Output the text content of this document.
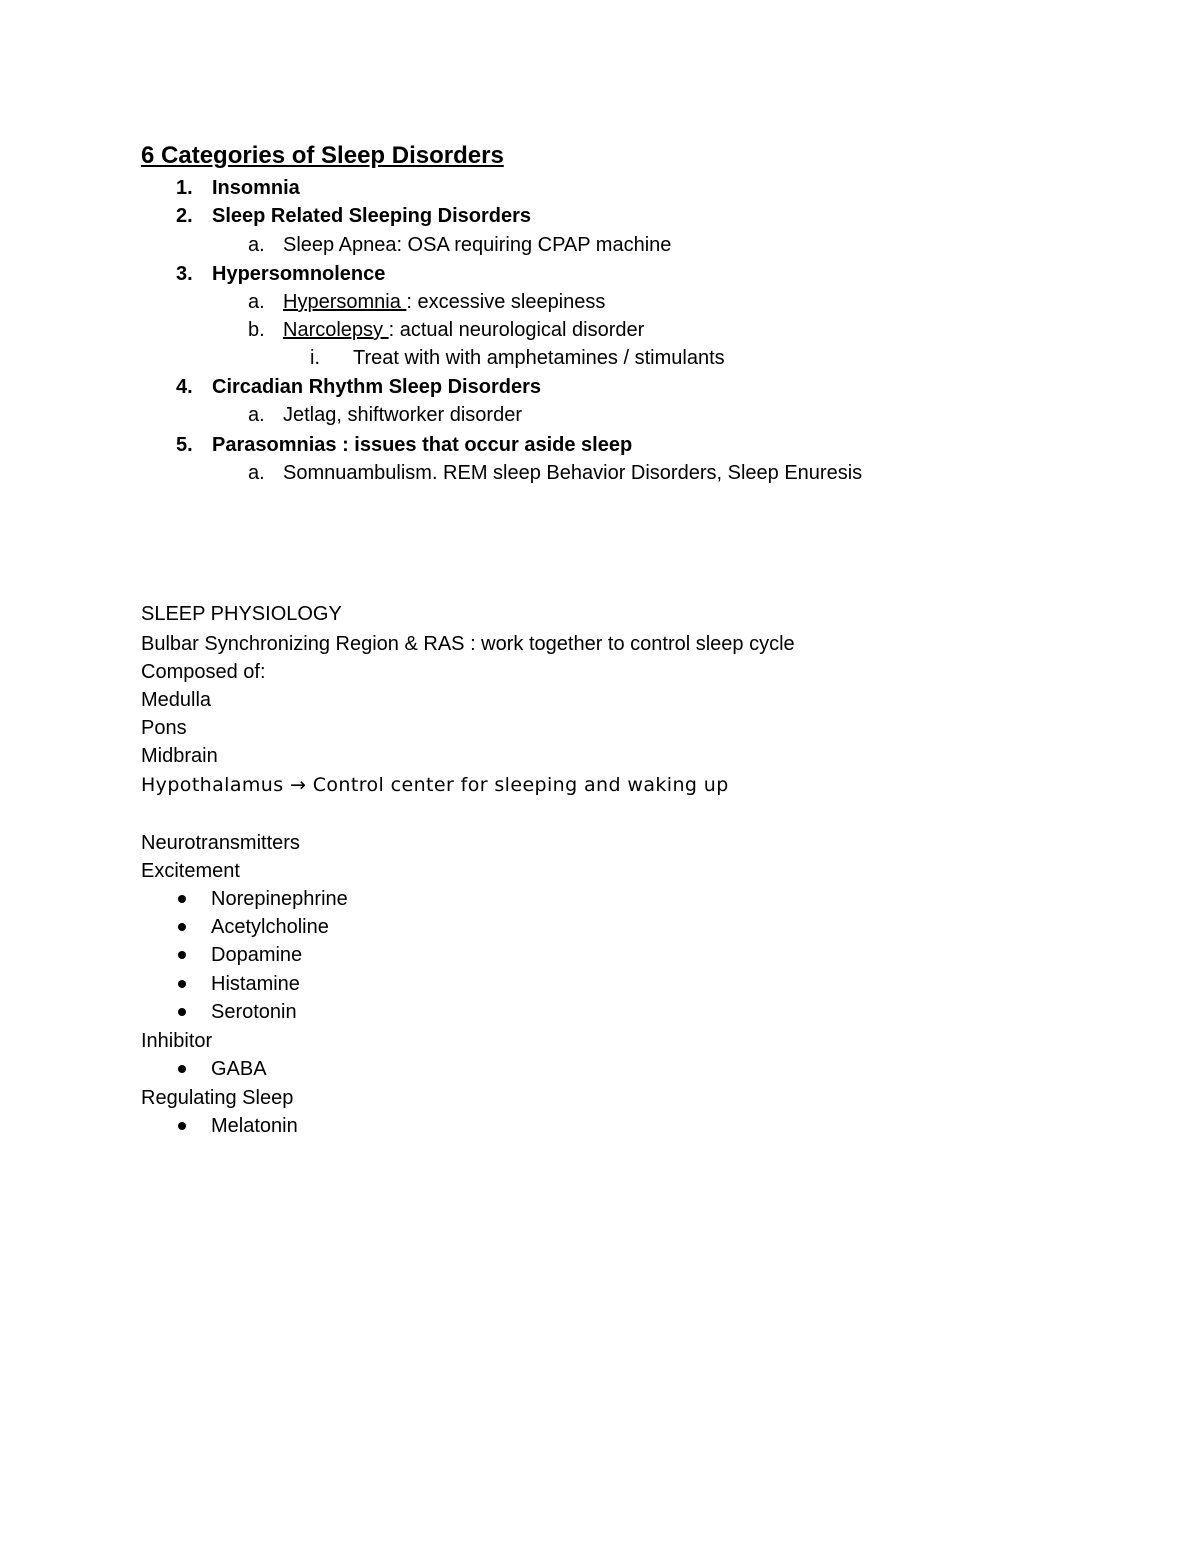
6 Categories of Sleep Disorders
1. Insomnia
2. Sleep Related Sleeping Disorders
a. Sleep Apnea: OSA requiring CPAP machine
3. Hypersomnolence
a. Hypersomnia : excessive sleepiness
b. Narcolepsy : actual neurological disorder
i. Treat with with amphetamines / stimulants
4. Circadian Rhythm Sleep Disorders
a. Jetlag, shiftworker disorder
5. Parasomnias : issues that occur aside sleep
a. Somnuambulism. REM sleep Behavior Disorders, Sleep Enuresis
SLEEP PHYSIOLOGY
Bulbar Synchronizing Region & RAS : work together to control sleep cycle
Composed of:
Medulla
Pons
Midbrain
Hypothalamus → Control center for sleeping and waking up
Neurotransmitters
Excitement
Norepinephrine
Acetylcholine
Dopamine
Histamine
Serotonin
Inhibitor
GABA
Regulating Sleep
Melatonin
